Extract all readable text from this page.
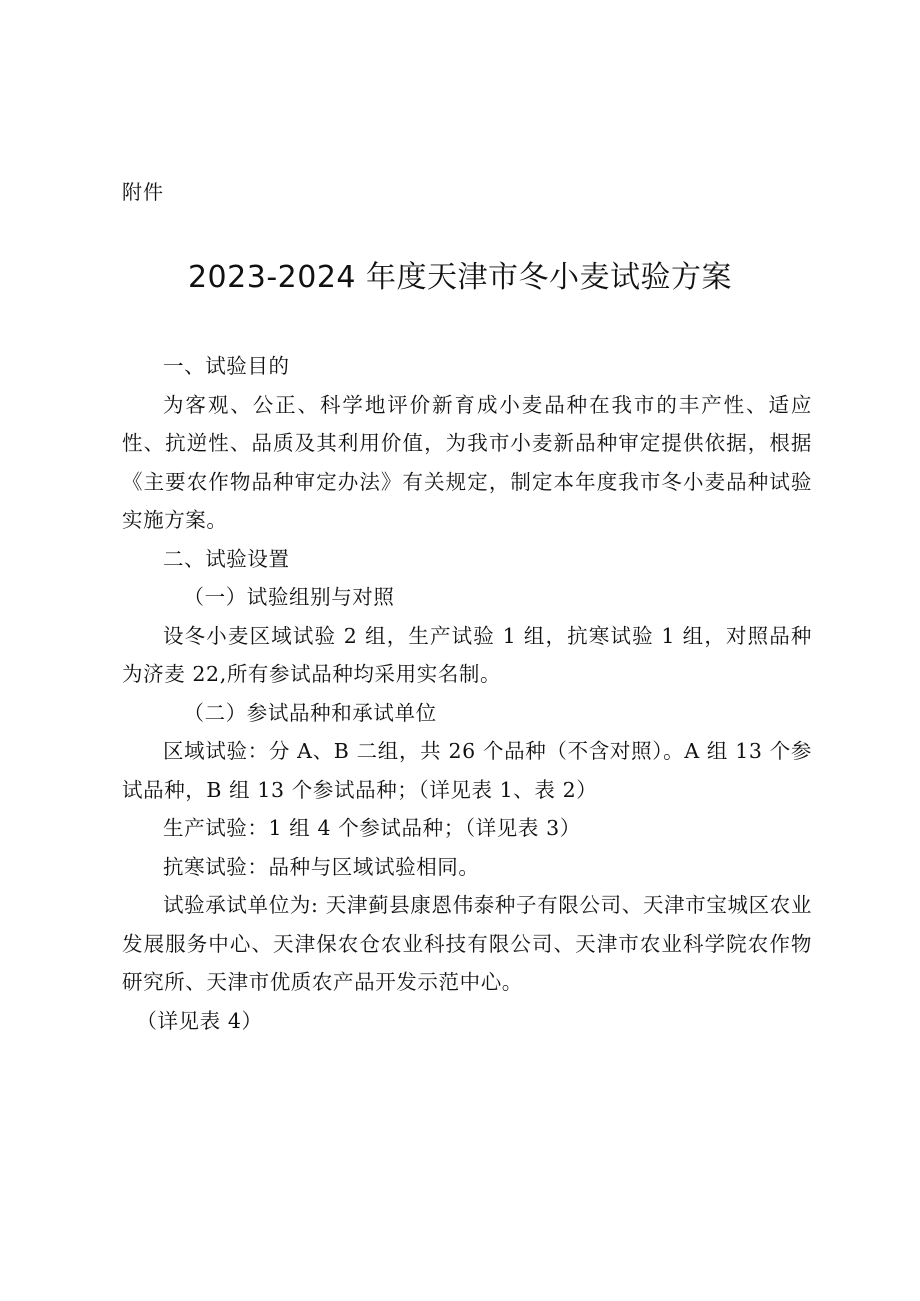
附件
2023-2024 年度天津市冬小麦试验方案

一、试验目的

为客观、公正、科学地评价新育成小麦品种在我市的丰产性、适应性、抗逆性、品质及其利用价值，为我市小麦新品种审定提供依据，根据《主要农作物品种审定办法》有关规定，制定本年度我市冬小麦品种试验实施方案。

二、试验设置

（一）试验组别与对照

设冬小麦区域试验 2 组，生产试验 1 组，抗寒试验 1 组，对照品种为济麦 22,所有参试品种均采用实名制。

（二）参试品种和承试单位

区域试验：分 A、B 二组，共 26 个品种（不含对照）。A 组 13 个参试品种，B 组 13 个参试品种；（详见表 1、表 2）

生产试验：1 组 4 个参试品种；（详见表 3）

抗寒试验：品种与区域试验相同。

试验承试单位为: 天津蓟县康恩伟泰种子有限公司、天津市宝城区农业发展服务中心、天津保农仓农业科技有限公司、天津市农业科学院农作物研究所、天津市优质农产品开发示范中心。

（详见表 4）
